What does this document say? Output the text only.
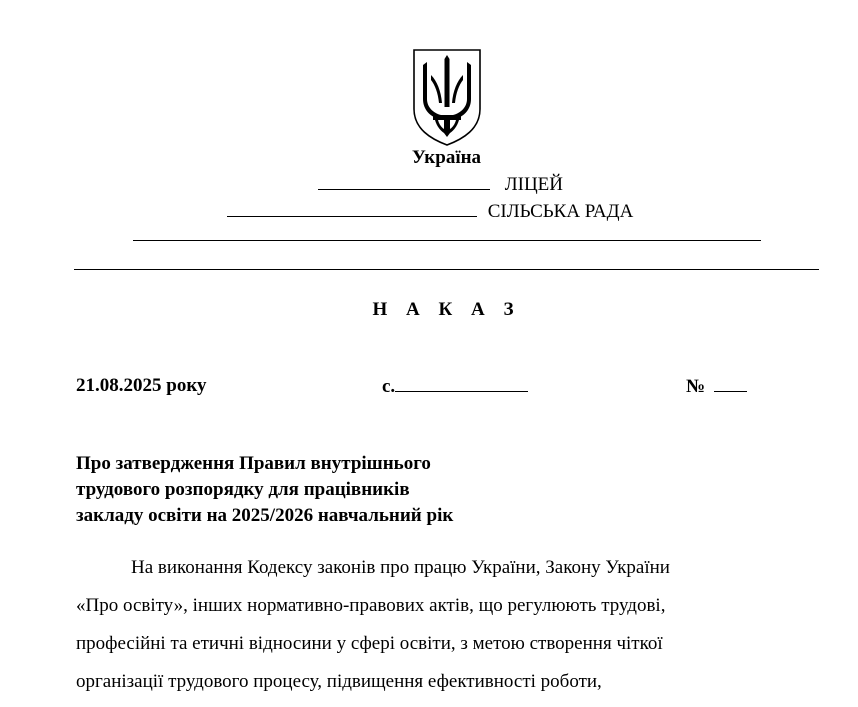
Україна
ЛІЦЕЙ
СІЛЬСЬКА РАДА
Н А К А З
21.08.2025 року	с.	№
Про затвердження Правил внутрішнього
трудового розпорядку для працівників
закладу освіти на 2025/2026 навчальний рік
На виконання Кодексу законів про працю України, Закону України
«Про освіту», інших нормативно-правових актів, що регулюють трудові,
професійні та етичні відносини у сфері освіти, з метою створення чіткої
організації трудового процесу, підвищення ефективності роботи,
